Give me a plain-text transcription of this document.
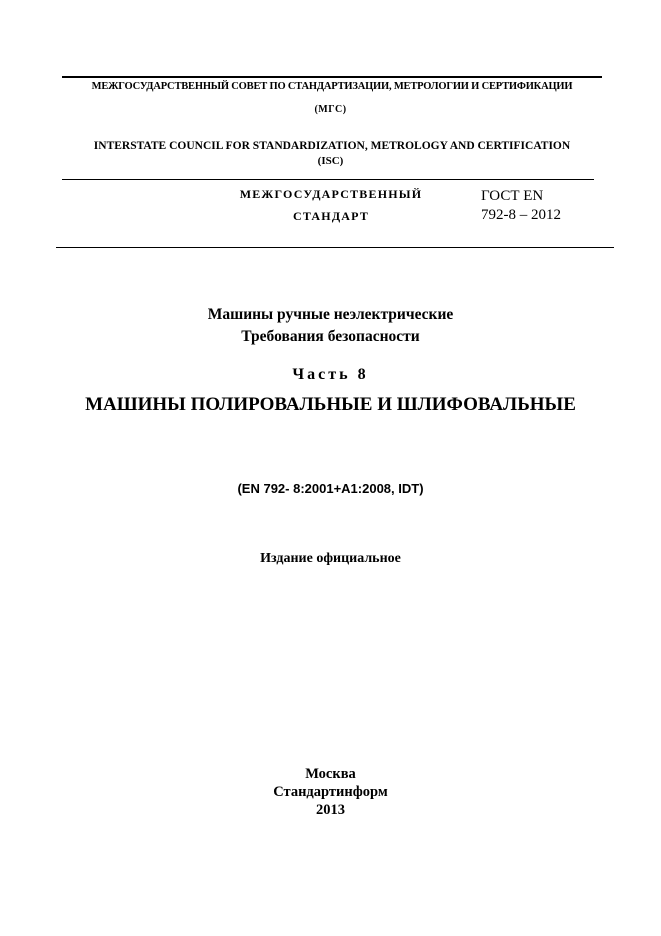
МЕЖГОСУДАРСТВЕННЫЙ СОВЕТ ПО СТАНДАРТИЗАЦИИ, МЕТРОЛОГИИ И СЕРТИФИКАЦИИ
(МГС)
INTERSTATE COUNCIL FOR STANDARDIZATION, METROLOGY AND CERTIFICATION
(ISC)
МЕЖГОСУДАРСТВЕННЫЙ
СТАНДАРТ
ГОСТ EN
792-8 – 2012
Машины ручные неэлектрические
Требования безопасности
Часть 8
МАШИНЫ ПОЛИРОВАЛЬНЫЕ И ШЛИФОВАЛЬНЫЕ
(EN 792- 8:2001+A1:2008, IDT)
Издание официальное
Москва
Стандартинформ
2013
